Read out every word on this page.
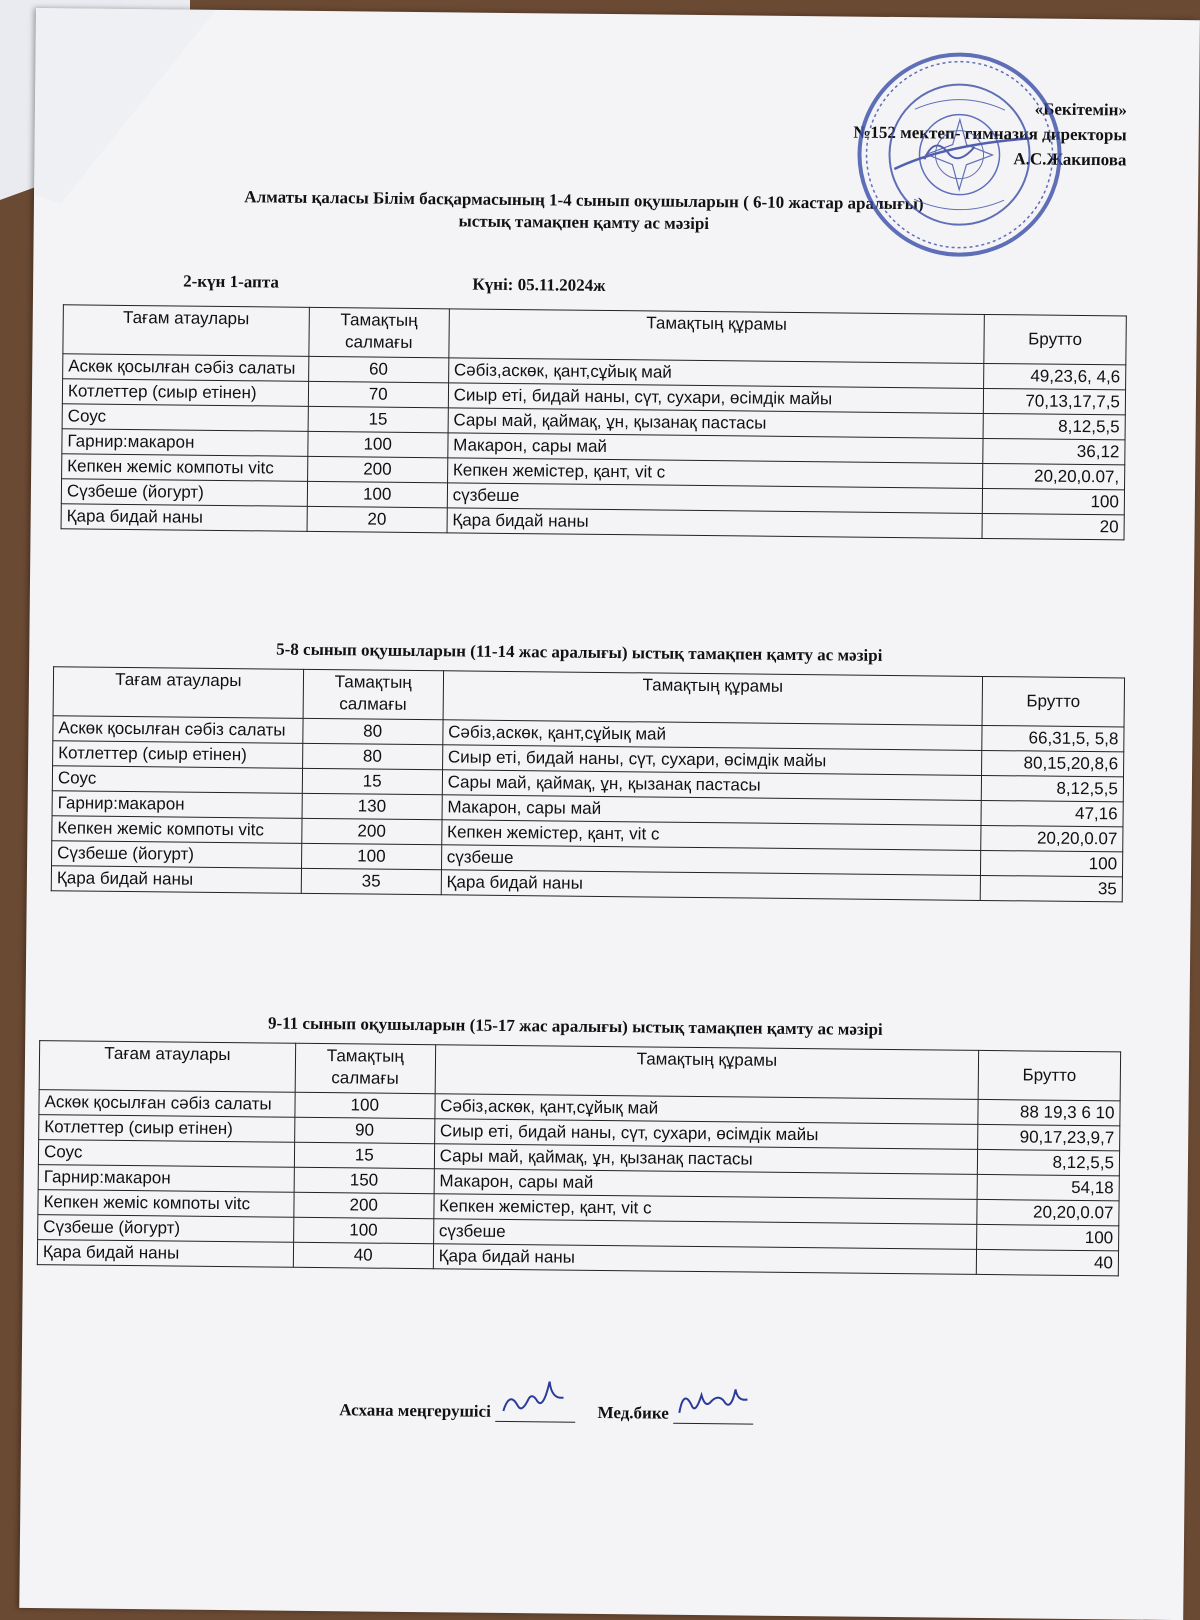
«Бекітемін»
№152 мектеп- гимназия директоры
А.С.Жакипова
Алматы қаласы Білім басқармасының 1-4 сынып оқушыларын ( 6-10 жастар аралығы)
ыстық тамақпен қамту ас мәзірі
2-күн 1-апта	Күні: 05.11.2024ж
Тағам атаулары	Тамақтың салмағы	Тамақтың құрамы	Брутто
Аскөк қосылған сәбіз салаты	60	Сәбіз,аскөк, қант,сұйық май	49,23,6, 4,6
Котлеттер (сиыр етінен)	70	Сиыр еті, бидай наны, сүт, сухари, өсімдік майы	70,13,17,7,5
Соус	15	Сары май, қаймақ, ұн, қызанақ пастасы	8,12,5,5
Гарнир:макарон	100	Макарон, сары май	36,12
Кепкен жеміс компоты vitc	200	Кепкен жемістер, қант, vit c	20,20,0.07,
Сүзбеше (йогурт)	100	сүзбеше	100
Қара бидай наны	20	Қара бидай наны	20
5-8 сынып оқушыларын (11-14 жас аралығы) ыстық тамақпен қамту ас мәзірі
Тағам атаулары	Тамақтың салмағы	Тамақтың құрамы	Брутто
Аскөк қосылған сәбіз салаты	80	Сәбіз,аскөк, қант,сұйық май	66,31,5, 5,8
Котлеттер (сиыр етінен)	80	Сиыр еті, бидай наны, сүт, сухари, өсімдік майы	80,15,20,8,6
Соус	15	Сары май, қаймақ, ұн, қызанақ пастасы	8,12,5,5
Гарнир:макарон	130	Макарон, сары май	47,16
Кепкен жеміс компоты vitc	200	Кепкен жемістер, қант, vit c	20,20,0.07
Сүзбеше (йогурт)	100	сүзбеше	100
Қара бидай наны	35	Қара бидай наны	35
9-11 сынып оқушыларын (15-17 жас аралығы) ыстық тамақпен қамту ас мәзірі
Тағам атаулары	Тамақтың салмағы	Тамақтың құрамы	Брутто
Аскөк қосылған сәбіз салаты	100	Сәбіз,аскөк, қант,сұйық май	88 19,3 6 10
Котлеттер (сиыр етінен)	90	Сиыр еті, бидай наны, сүт, сухари, өсімдік майы	90,17,23,9,7
Соус	15	Сары май, қаймақ, ұн, қызанақ пастасы	8,12,5,5
Гарнир:макарон	150	Макарон, сары май	54,18
Кепкен жеміс компоты vitc	200	Кепкен жемістер, қант, vit c	20,20,0.07
Сүзбеше (йогурт)	100	сүзбеше	100
Қара бидай наны	40	Қара бидай наны	40
Асхана меңгерушісі	Мед.бике
